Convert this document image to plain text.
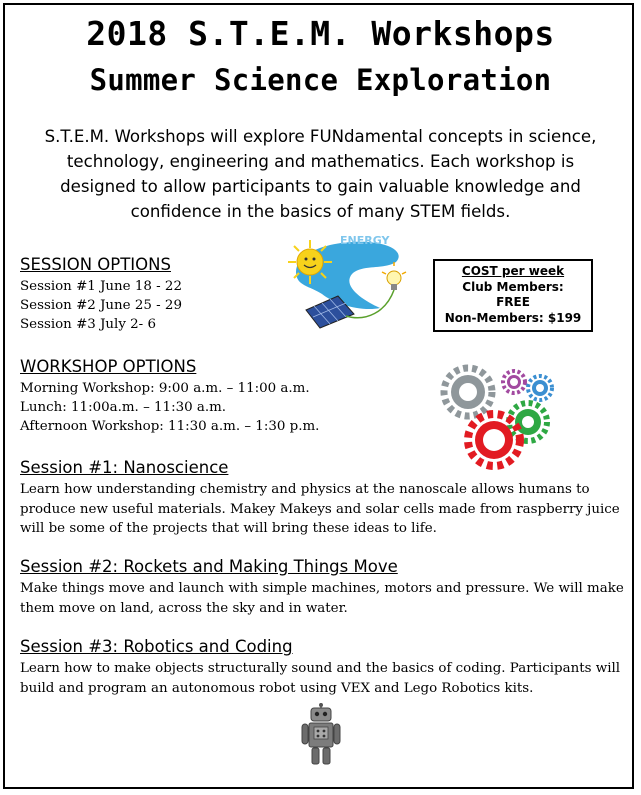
2018 S.T.E.M. Workshops
Summer Science Exploration
S.T.E.M. Workshops will explore FUNdamental concepts in science, technology, engineering and mathematics. Each workshop is designed to allow participants to gain valuable knowledge and confidence in the basics of many STEM fields.
SESSION OPTIONS
Session #1 June 18 - 22
Session #2 June 25 - 29
Session #3 July 2- 6
ENERGY
COST per week
Club Members:
FREE
Non-Members: $199
WORKSHOP OPTIONS
Morning Workshop: 9:00 a.m. – 11:00 a.m.
Lunch: 11:00a.m. – 11:30 a.m.
Afternoon Workshop: 11:30 a.m. – 1:30 p.m.
Session #1: Nanoscience
Learn how understanding chemistry and physics at the nanoscale allows humans to produce new useful materials. Makey Makeys and solar cells made from raspberry juice will be some of the projects that will bring these ideas to life.
Session #2: Rockets and Making Things Move
Make things move and launch with simple machines, motors and pressure. We will make them move on land, across the sky and in water.
Session #3: Robotics and Coding
Learn how to make objects structurally sound and the basics of coding. Participants will build and program an autonomous robot using VEX and Lego Robotics kits.
